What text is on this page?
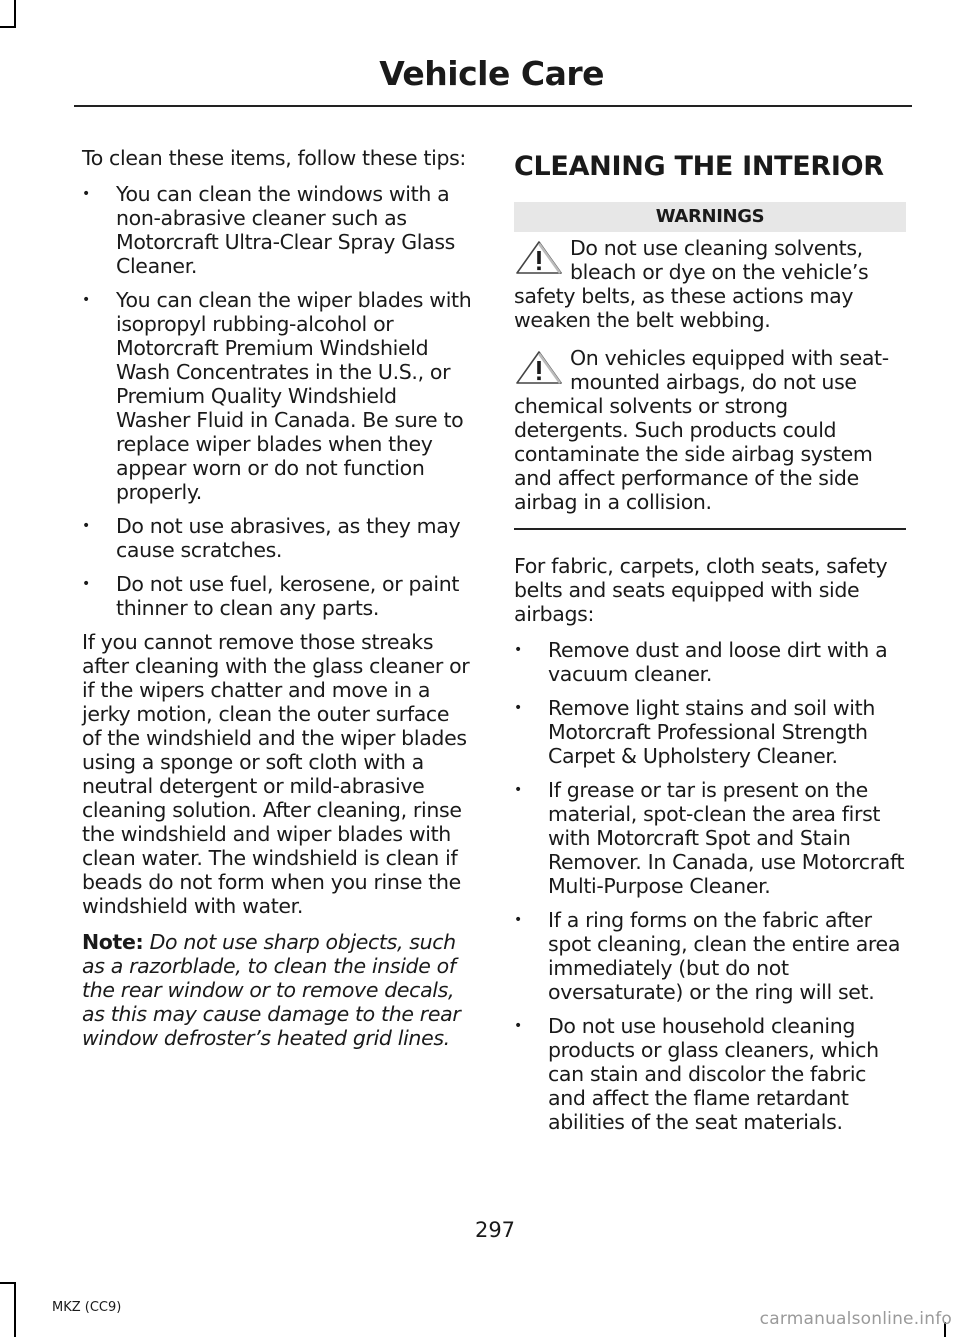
Vehicle Care

To clean these items, follow these tips:

• You can clean the windows with a non-abrasive cleaner such as Motorcraft Ultra-Clear Spray Glass Cleaner.
• You can clean the wiper blades with isopropyl rubbing-alcohol or Motorcraft Premium Windshield Wash Concentrates in the U.S., or Premium Quality Windshield Washer Fluid in Canada. Be sure to replace wiper blades when they appear worn or do not function properly.
• Do not use abrasives, as they may cause scratches.
• Do not use fuel, kerosene, or paint thinner to clean any parts.

If you cannot remove those streaks after cleaning with the glass cleaner or if the wipers chatter and move in a jerky motion, clean the outer surface of the windshield and the wiper blades using a sponge or soft cloth with a neutral detergent or mild-abrasive cleaning solution. After cleaning, rinse the windshield and wiper blades with clean water. The windshield is clean if beads do not form when you rinse the windshield with water.

Note: Do not use sharp objects, such as a razorblade, to clean the inside of the rear window or to remove decals, as this may cause damage to the rear window defroster’s heated grid lines.

CLEANING THE INTERIOR
WARNINGS
Do not use cleaning solvents, bleach or dye on the vehicle’s safety belts, as these actions may weaken the belt webbing.
On vehicles equipped with seat-mounted airbags, do not use chemical solvents or strong detergents. Such products could contaminate the side airbag system and affect performance of the side airbag in a collision.

For fabric, carpets, cloth seats, safety belts and seats equipped with side airbags:

• Remove dust and loose dirt with a vacuum cleaner.
• Remove light stains and soil with Motorcraft Professional Strength Carpet & Upholstery Cleaner.
• If grease or tar is present on the material, spot-clean the area first with Motorcraft Spot and Stain Remover. In Canada, use Motorcraft Multi-Purpose Cleaner.
• If a ring forms on the fabric after spot cleaning, clean the entire area immediately (but do not oversaturate) or the ring will set.
• Do not use household cleaning products or glass cleaners, which can stain and discolor the fabric and affect the flame retardant abilities of the seat materials.
297
MKZ (CC9)
carmanualsonline.info
